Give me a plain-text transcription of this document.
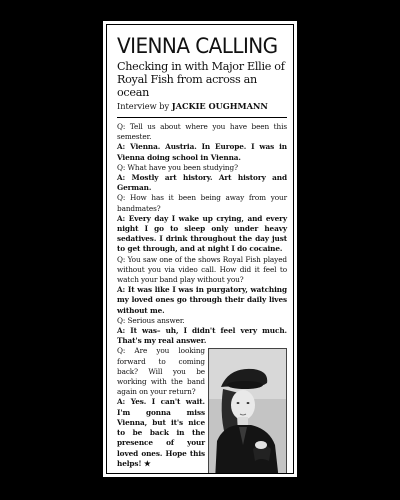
VIENNA CALLING
Checking in with Major Ellie of Royal Fish from across an ocean
Interview by JACKIE OUGHMANN

Q: Tell us about where you have been this semester.

A: Vienna. Austria. In Europe. I was in Vienna doing school in Vienna.

Q: What have you been studying?

A: Mostly art history. Art history and German.

Q: How has it been being away from your bandmates?

A: Every day I wake up crying, and every night I go to sleep only under heavy sedatives. I drink throughout the day just to get through, and at night I do cocaine.

Q: You saw one of the shows Royal Fish played without you via video call. How did it feel to watch your band play without you?

A: It was like I was in purgatory, watching my loved ones go through their daily lives without me.

Q: Serious answer.

A: It was– uh, I didn't feel very much. That's my real answer.

Q: Are you looking forward to coming back? Will you be working with the band again on your return?

A: Yes. I can't wait. I'm gonna miss Vienna, but it's nice to be back in the presence of your loved ones. Hope this helps! ★
